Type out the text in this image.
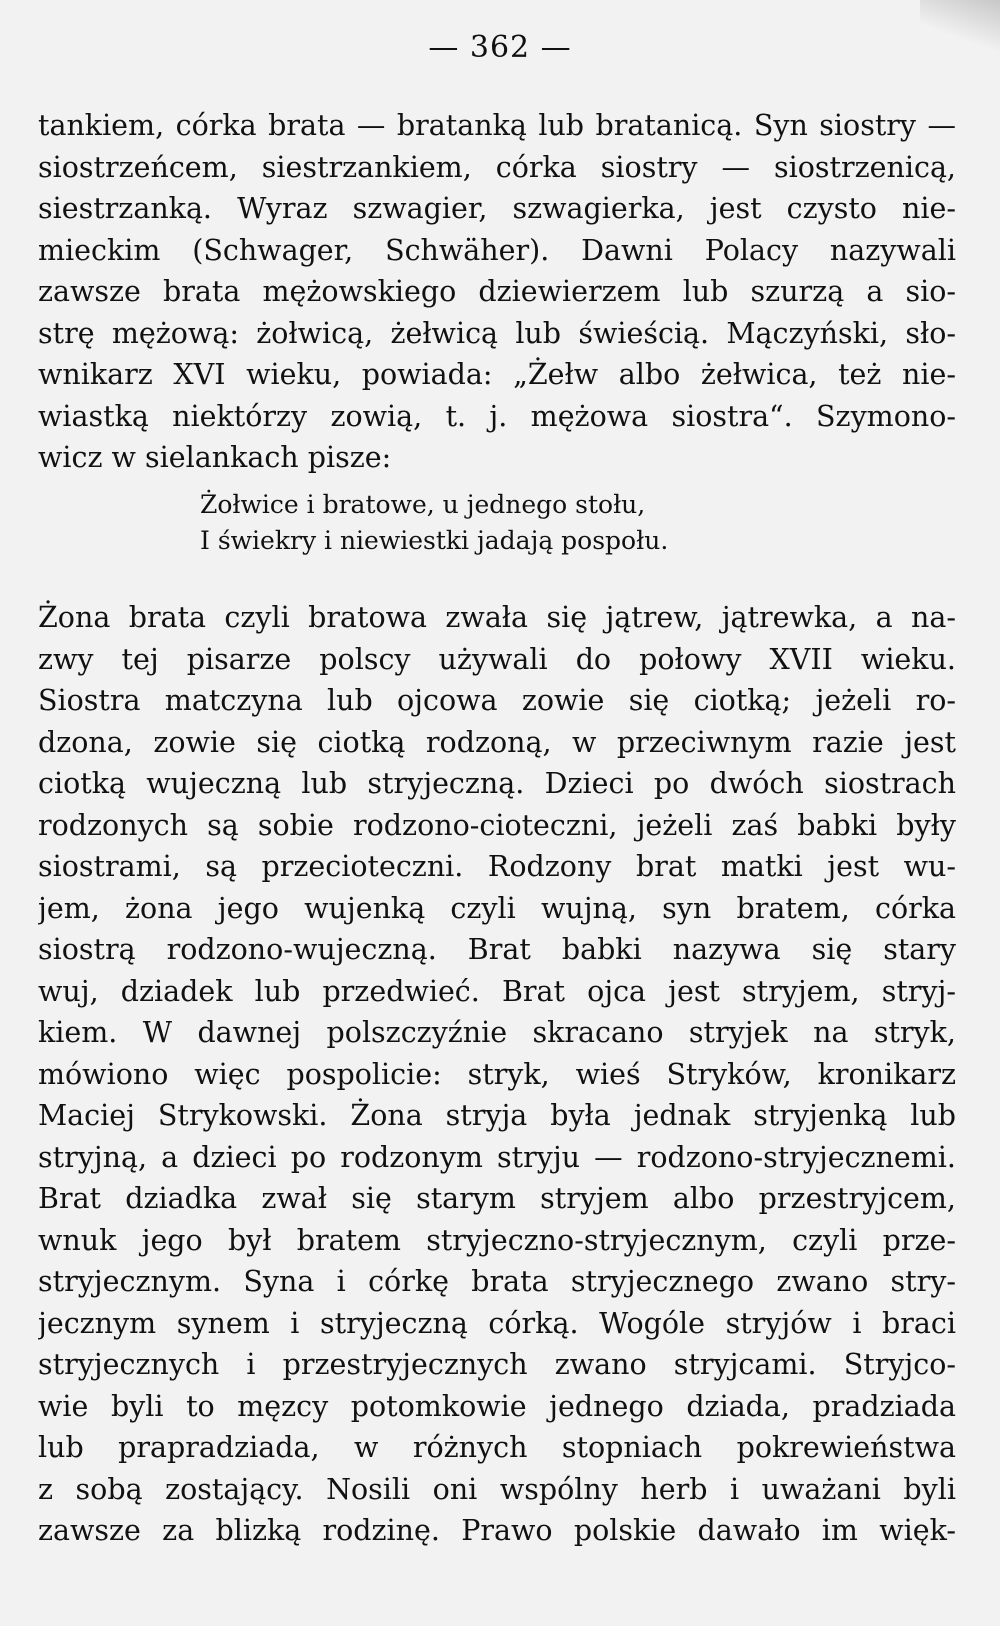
— 362 —
tankiem, córka brata — bratanką lub bratanicą. Syn siostry —
siostrzeńcem, siestrzankiem, córka siostry — siostrzenicą,
siestrzanką. Wyraz szwagier, szwagierka, jest czysto nie-
mieckim (Schwager, Schwäher). Dawni Polacy nazywali
zawsze brata mężowskiego dziewierzem lub szurzą a sio-
strę mężową: żołwicą, żełwicą lub świeścią. Mączyński, sło-
wnikarz XVI wieku, powiada: „Żełw albo żełwica, też nie-
wiastką niektórzy zowią, t. j. mężowa siostra“. Szymono-
wicz w sielankach pisze:
Żołwice i bratowe, u jednego stołu,
I świekry i niewiestki jadają pospołu.
Żona brata czyli bratowa zwała się jątrew, jątrewka, a na-
zwy tej pisarze polscy używali do połowy XVII wieku.
Siostra matczyna lub ojcowa zowie się ciotką; jeżeli ro-
dzona, zowie się ciotką rodzoną, w przeciwnym razie jest
ciotką wujeczną lub stryjeczną. Dzieci po dwóch siostrach
rodzonych są sobie rodzono-cioteczni, jeżeli zaś babki były
siostrami, są przecioteczni. Rodzony brat matki jest wu-
jem, żona jego wujenką czyli wujną, syn bratem, córka
siostrą rodzono-wujeczną. Brat babki nazywa się stary
wuj, dziadek lub przedwieć. Brat ojca jest stryjem, stryj-
kiem. W dawnej polszczyźnie skracano stryjek na stryk,
mówiono więc pospolicie: stryk, wieś Stryków, kronikarz
Maciej Strykowski. Żona stryja była jednak stryjenką lub
stryjną, a dzieci po rodzonym stryju — rodzono-stryjecznemi.
Brat dziadka zwał się starym stryjem albo przestryjcem,
wnuk jego był bratem stryjeczno-stryjecznym, czyli prze-
stryjecznym. Syna i córkę brata stryjecznego zwano stry-
jecznym synem i stryjeczną córką. Wogóle stryjów i braci
stryjecznych i przestryjecznych zwano stryjcami. Stryjco-
wie byli to męzcy potomkowie jednego dziada, pradziada
lub prapradziada, w różnych stopniach pokrewieństwa
z sobą zostający. Nosili oni wspólny herb i uważani byli
zawsze za blizką rodzinę. Prawo polskie dawało im więk-
